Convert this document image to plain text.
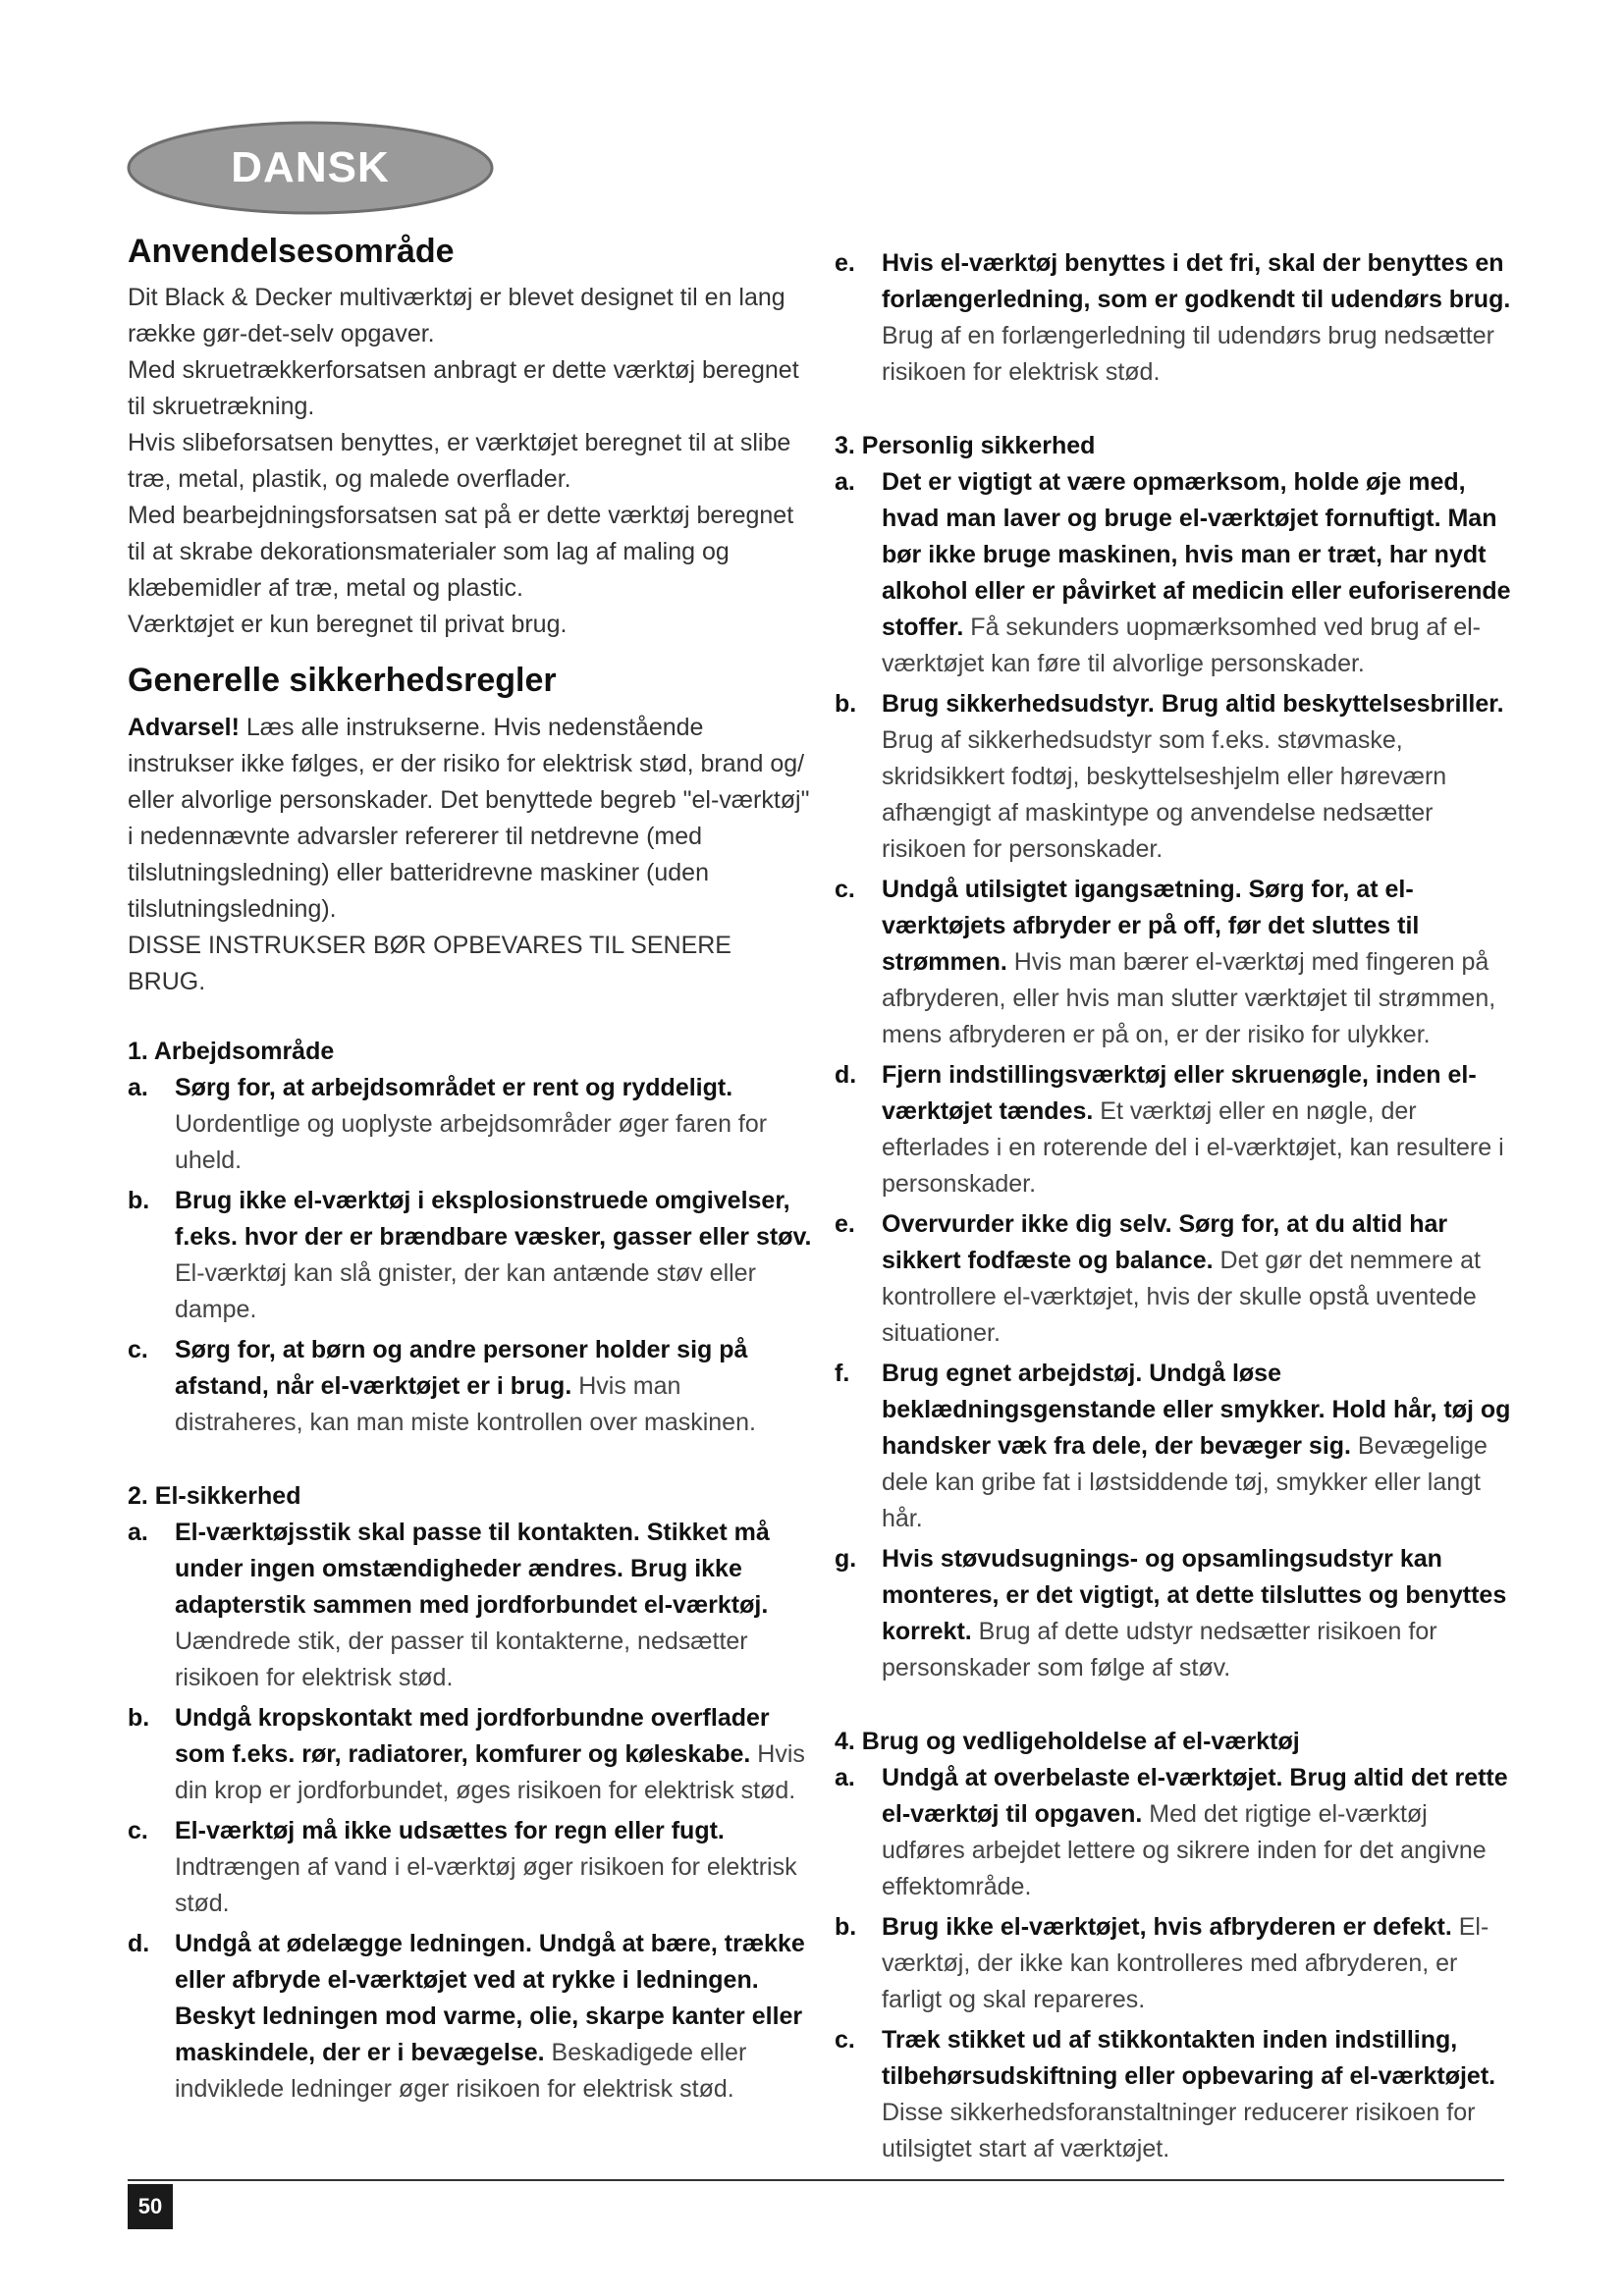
DANSK
Anvendelsesområde

Dit Black & Decker multiværktøj er blevet designet til en lang række gør-det-selv opgaver.

Med skruetrækkerforsatsen anbragt er dette værktøj beregnet til skruetrækning.

Hvis slibeforsatsen benyttes, er værktøjet beregnet til at slibe træ, metal, plastik, og malede overflader.

Med bearbejdningsforsatsen sat på er dette værktøj beregnet til at skrabe dekorationsmaterialer som lag af maling og klæbemidler af træ, metal og plastic.

Værktøjet er kun beregnet til privat brug.

Generelle sikkerhedsregler

Advarsel! Læs alle instrukserne. Hvis nedenstående instrukser ikke følges, er der risiko for elektrisk stød, brand og/ eller alvorlige personskader. Det benyttede begreb "el-værktøj" i nedennævnte advarsler refererer til netdrevne (med tilslutningsledning) eller batteridrevne maskiner (uden tilslutningsledning).

DISSE INSTRUKSER BØR OPBEVARES TIL SENERE BRUG.

1. Arbejdsområde

a. Sørg for, at arbejdsområdet er rent og ryddeligt. Uordentlige og uoplyste arbejdsområder øger faren for uheld.
b. Brug ikke el-værktøj i eksplosionstruede omgivelser, f.eks. hvor der er brændbare væsker, gasser eller støv. El-værktøj kan slå gnister, der kan antænde støv eller dampe.
c. Sørg for, at børn og andre personer holder sig på afstand, når el-værktøjet er i brug. Hvis man distraheres, kan man miste kontrollen over maskinen.

2. El-sikkerhed

a. El-værktøjsstik skal passe til kontakten. Stikket må under ingen omstændigheder ændres. Brug ikke adapterstik sammen med jordforbundet el-værktøj. Uændrede stik, der passer til kontakterne, nedsætter risikoen for elektrisk stød.
b. Undgå kropskontakt med jordforbundne overflader som f.eks. rør, radiatorer, komfurer og køleskabe. Hvis din krop er jordforbundet, øges risikoen for elektrisk stød.
c. El-værktøj må ikke udsættes for regn eller fugt. Indtrængen af vand i el-værktøj øger risikoen for elektrisk stød.
d. Undgå at ødelægge ledningen. Undgå at bære, trække eller afbryde el-værktøjet ved at rykke i ledningen. Beskyt ledningen mod varme, olie, skarpe kanter eller maskindele, der er i bevægelse. Beskadigede eller indviklede ledninger øger risikoen for elektrisk stød.
e. Hvis el-værktøj benyttes i det fri, skal der benyttes en forlængerledning, som er godkendt til udendørs brug. Brug af en forlængerledning til udendørs brug nedsætter risikoen for elektrisk stød.

3. Personlig sikkerhed

a. Det er vigtigt at være opmærksom, holde øje med, hvad man laver og bruge el-værktøjet fornuftigt. Man bør ikke bruge maskinen, hvis man er træt, har nydt alkohol eller er påvirket af medicin eller euforiserende stoffer. Få sekunders uopmærksomhed ved brug af el-værktøjet kan føre til alvorlige personskader.
b. Brug sikkerhedsudstyr. Brug altid beskyttelsesbriller. Brug af sikkerhedsudstyr som f.eks. støvmaske, skridsikkert fodtøj, beskyttelseshjelm eller høreværn afhængigt af maskintype og anvendelse nedsætter risikoen for personskader.
c. Undgå utilsigtet igangsætning. Sørg for, at el-værktøjets afbryder er på off, før det sluttes til strømmen. Hvis man bærer el-værktøj med fingeren på afbryderen, eller hvis man slutter værktøjet til strømmen, mens afbryderen er på on, er der risiko for ulykker.
d. Fjern indstillingsværktøj eller skruenøgle, inden el-værktøjet tændes. Et værktøj eller en nøgle, der efterlades i en roterende del i el-værktøjet, kan resultere i personskader.
e. Overvurder ikke dig selv. Sørg for, at du altid har sikkert fodfæste og balance. Det gør det nemmere at kontrollere el-værktøjet, hvis der skulle opstå uventede situationer.
f. Brug egnet arbejdstøj. Undgå løse beklædningsgenstande eller smykker. Hold hår, tøj og handsker væk fra dele, der bevæger sig. Bevægelige dele kan gribe fat i løstsiddende tøj, smykker eller langt hår.
g. Hvis støvudsugnings- og opsamlingsudstyr kan monteres, er det vigtigt, at dette tilsluttes og benyttes korrekt. Brug af dette udstyr nedsætter risikoen for personskader som følge af støv.

4. Brug og vedligeholdelse af el-værktøj

a. Undgå at overbelaste el-værktøjet. Brug altid det rette el-værktøj til opgaven. Med det rigtige el-værktøj udføres arbejdet lettere og sikrere inden for det angivne effektområde.
b. Brug ikke el-værktøjet, hvis afbryderen er defekt. El-værktøj, der ikke kan kontrolleres med afbryderen, er farligt og skal repareres.
c. Træk stikket ud af stikkontakten inden indstilling, tilbehørsudskiftning eller opbevaring af el-værktøjet. Disse sikkerhedsforanstaltninger reducerer risikoen for utilsigtet start af værktøjet.
50
